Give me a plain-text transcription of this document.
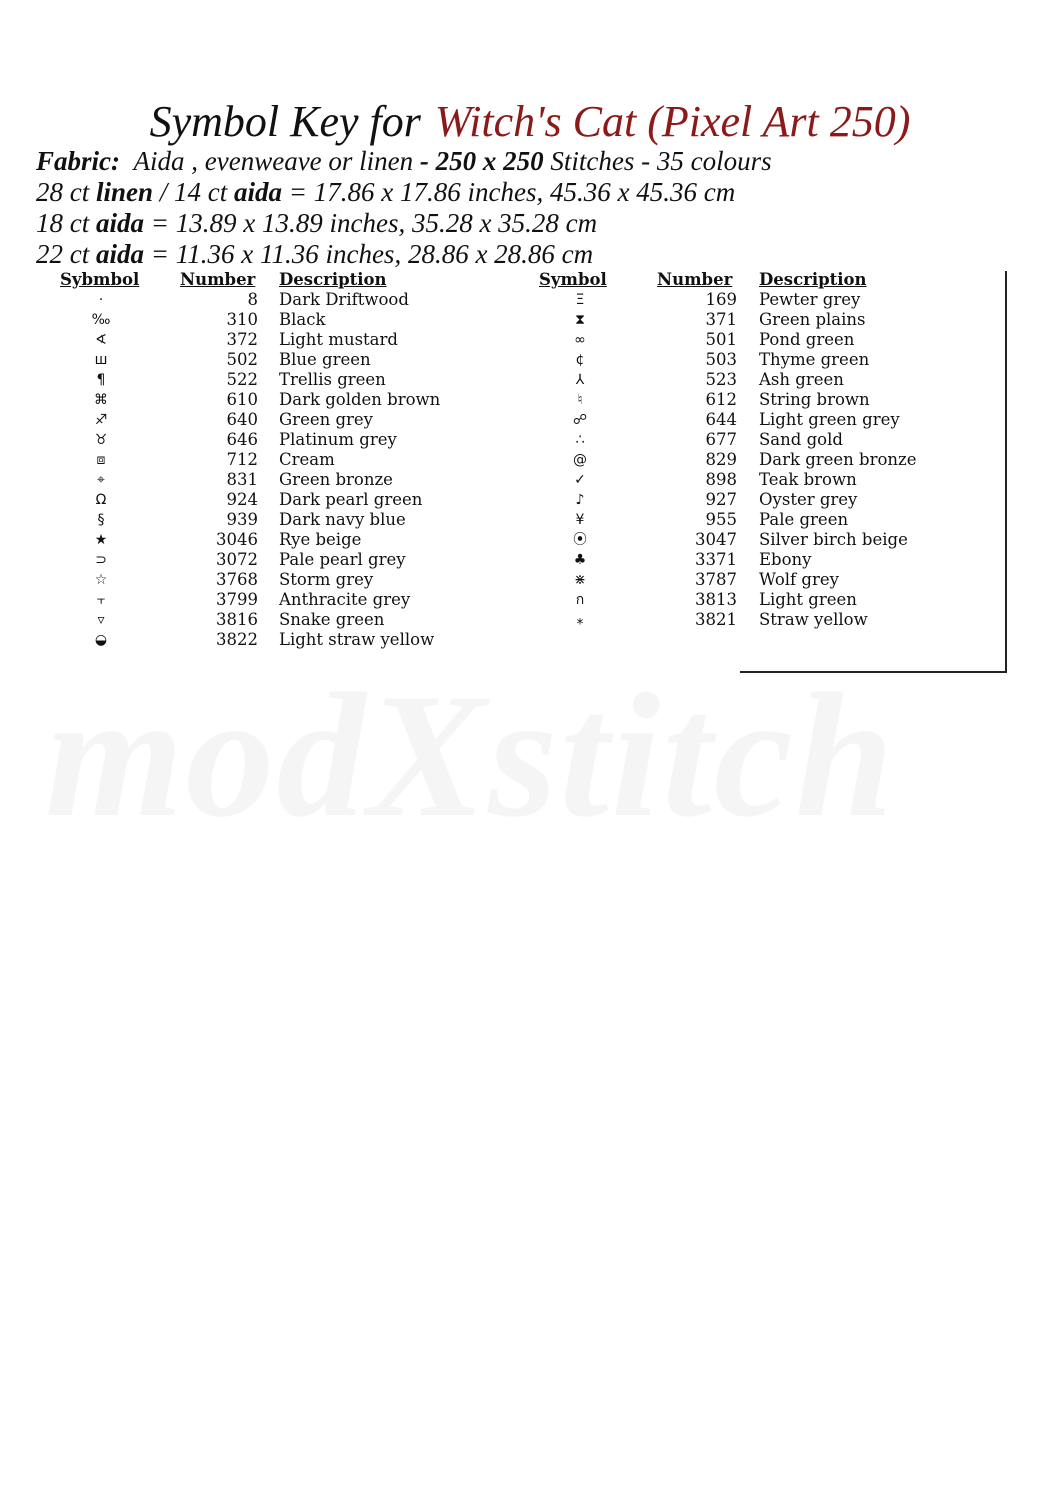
modXstitch
Symbol Key for Witch's Cat (Pixel Art 250)
Fabric: Aida , evenweave or linen - 250 x 250 Stitches - 35 colours
28 ct linen / 14 ct aida = 17.86 x 17.86 inches, 45.36 x 45.36 cm
18 ct aida = 13.89 x 13.89 inches, 35.28 x 35.28 cm
22 ct aida = 11.36 x 11.36 inches, 28.86 x 28.86 cm
Sybmbol Number Description
·	8 Dark Driftwood
‰	310 Black
∢	372 Light mustard
ш	502 Blue green
¶	522 Trellis green
⌘	610 Dark golden brown
♐	640 Green grey
♉	646 Platinum grey
⧈	712 Cream
⌖	831 Green bronze
Ω	924 Dark pearl green
§	939 Dark navy blue
★	3046 Rye beige
⊃	3072 Pale pearl grey
☆	3768 Storm grey
⫟	3799 Anthracite grey
▿	3816 Snake green
◒	3822 Light straw yellow
Symbol	Number Description
Ξ	169 Pewter grey
⧗	371 Green plains
∞	501 Pond green
¢	503 Thyme green
⅄	523 Ash green
♮	612 String brown
☍	644 Light green grey
∴	677 Sand gold
@	829 Dark green bronze
✓	898 Teak brown
♪	927 Oyster grey
¥	955 Pale green
⦿	3047 Silver birch beige
♣	3371 Ebony
⋇	3787 Wolf grey
ก	3813 Light green
⁎	3821 Straw yellow
